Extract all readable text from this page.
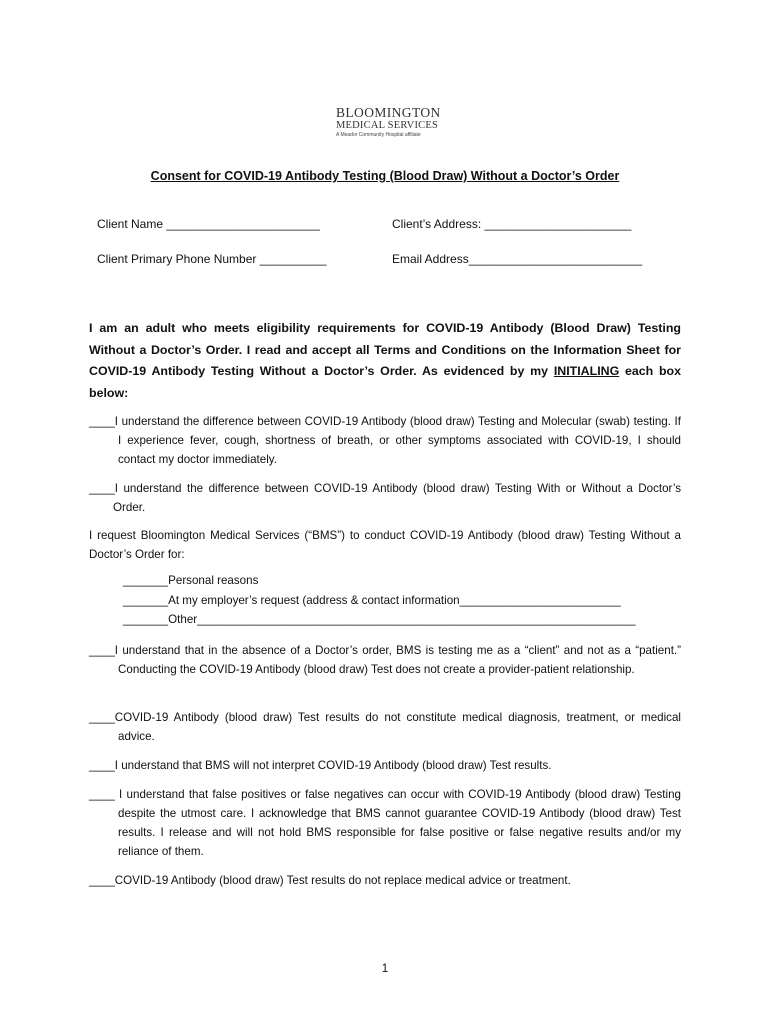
BLOOMINGTON
MEDICAL SERVICES
A Meador Community Hospital affiliate
Consent for COVID-19 Antibody Testing (Blood Draw) Without a Doctor’s Order
Client Name _______________________	Client’s Address: ______________________
Client Primary Phone Number __________	Email Address__________________________
I am an adult who meets eligibility requirements for COVID-19 Antibody (Blood Draw) Testing Without a Doctor’s Order. I read and accept all Terms and Conditions on the Information Sheet for COVID-19 Antibody Testing Without a Doctor’s Order. As evidenced by my INITIALING each box below:
____I understand the difference between COVID-19 Antibody (blood draw) Testing and Molecular (swab) testing. If I experience fever, cough, shortness of breath, or other symptoms associated with COVID-19, I should contact my doctor immediately.
____I understand the difference between COVID-19 Antibody (blood draw) Testing With or Without a Doctor’s Order.
I request Bloomington Medical Services (“BMS”) to conduct COVID-19 Antibody (blood draw) Testing Without a Doctor’s Order for:
_______Personal reasons
_______At my employer’s request (address & contact information_________________________
_______Other____________________________________________________________________
____I understand that in the absence of a Doctor’s order, BMS is testing me as a “client” and not as a “patient.” Conducting the COVID-19 Antibody (blood draw) Test does not create a provider-patient relationship.
____COVID-19 Antibody (blood draw) Test results do not constitute medical diagnosis, treatment, or medical advice.
____I understand that BMS will not interpret COVID-19 Antibody (blood draw) Test results.
____ I understand that false positives or false negatives can occur with COVID-19 Antibody (blood draw) Testing despite the utmost care. I acknowledge that BMS cannot guarantee COVID-19 Antibody (blood draw) Test results. I release and will not hold BMS responsible for false positive or false negative results and/or my reliance of them.
____COVID-19 Antibody (blood draw) Test results do not replace medical advice or treatment.
1
